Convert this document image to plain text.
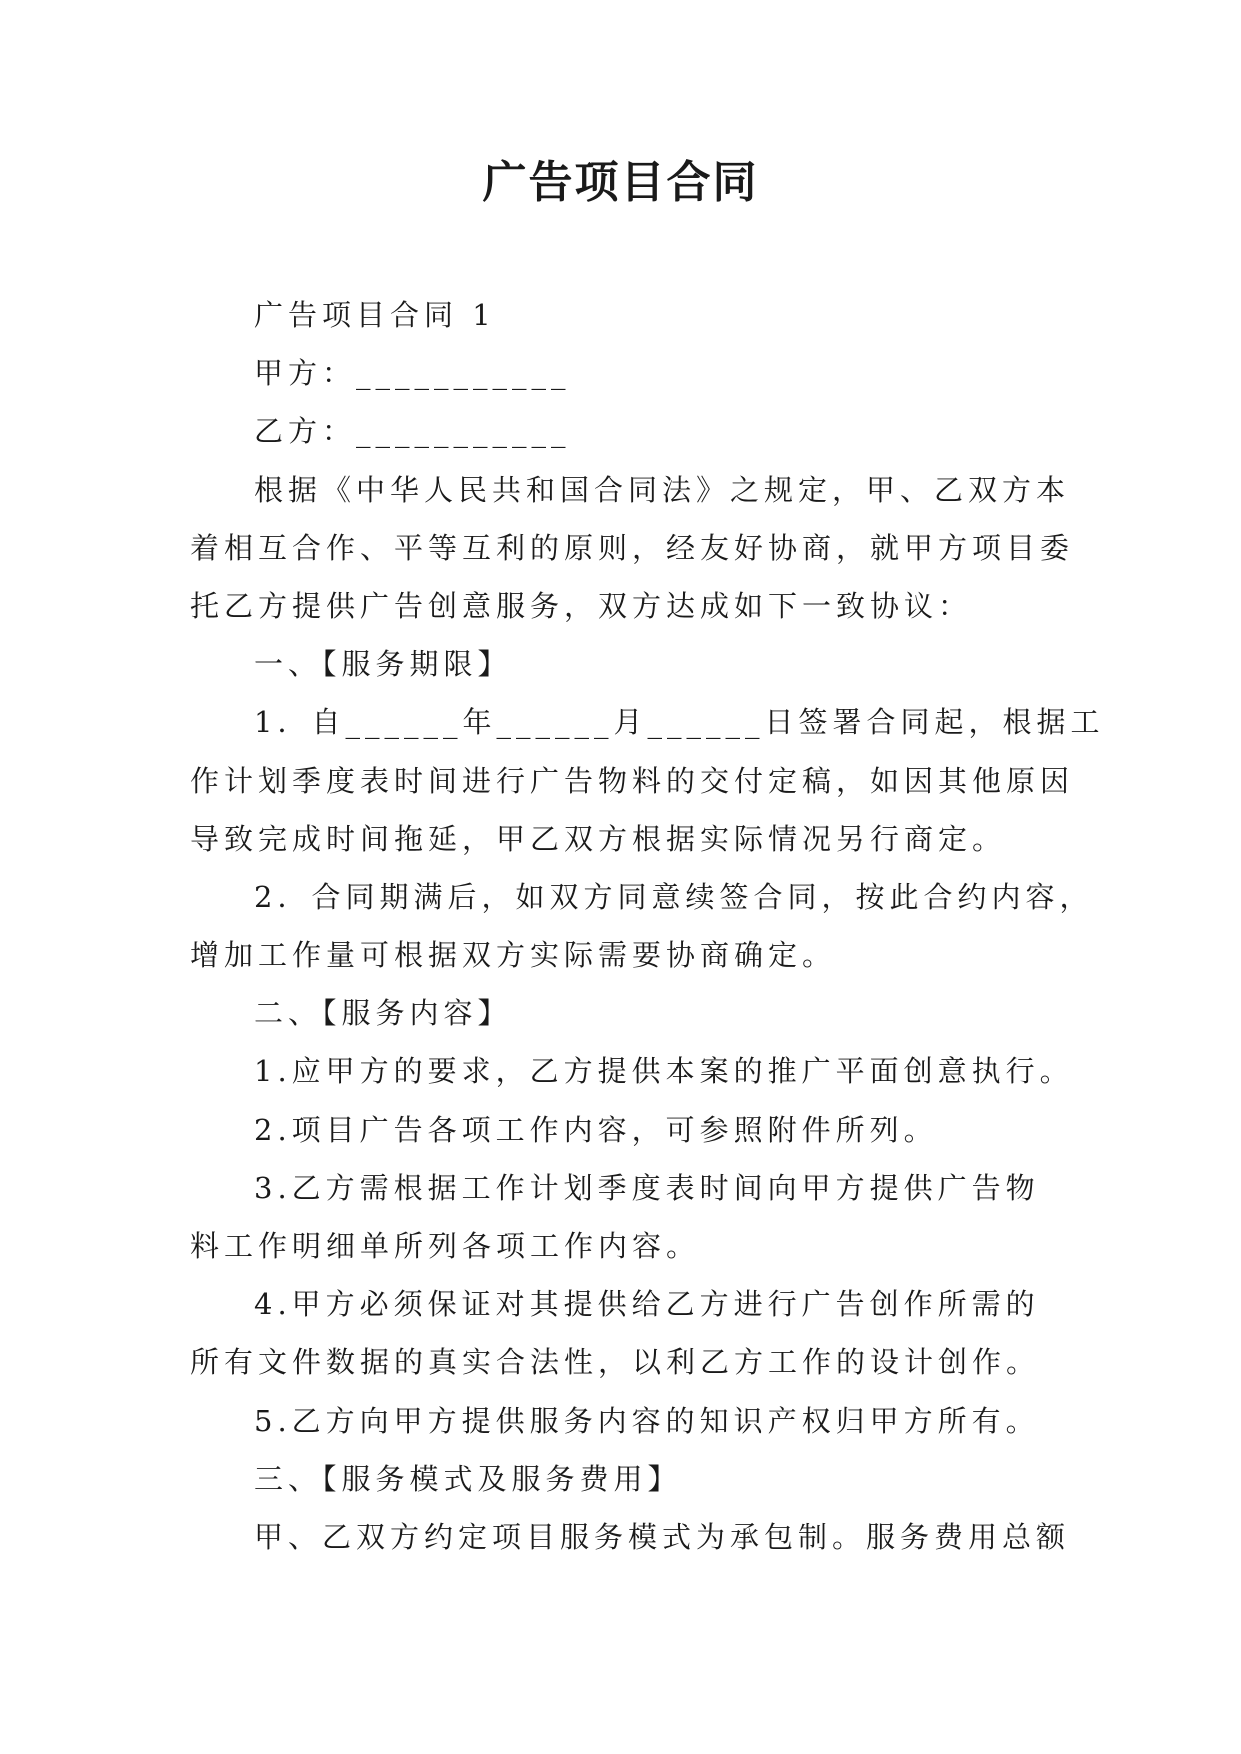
广告项目合同

广告项目合同 1

甲方：___________

乙方：___________

根据《中华人民共和国合同法》之规定，甲、乙双方本

着相互合作、平等互利的原则，经友好协商，就甲方项目委

托乙方提供广告创意服务，双方达成如下一致协议：

一、【服务期限】

1．自______年______月______日签署合同起，根据工

作计划季度表时间进行广告物料的交付定稿，如因其他原因

导致完成时间拖延，甲乙双方根据实际情况另行商定。

2．合同期满后，如双方同意续签合同，按此合约内容，

增加工作量可根据双方实际需要协商确定。

二、【服务内容】

1.应甲方的要求，乙方提供本案的推广平面创意执行。

2.项目广告各项工作内容，可参照附件所列。

3.乙方需根据工作计划季度表时间向甲方提供广告物

料工作明细单所列各项工作内容。

4.甲方必须保证对其提供给乙方进行广告创作所需的

所有文件数据的真实合法性，以利乙方工作的设计创作。

5.乙方向甲方提供服务内容的知识产权归甲方所有。

三、【服务模式及服务费用】

甲、乙双方约定项目服务模式为承包制。服务费用总额
